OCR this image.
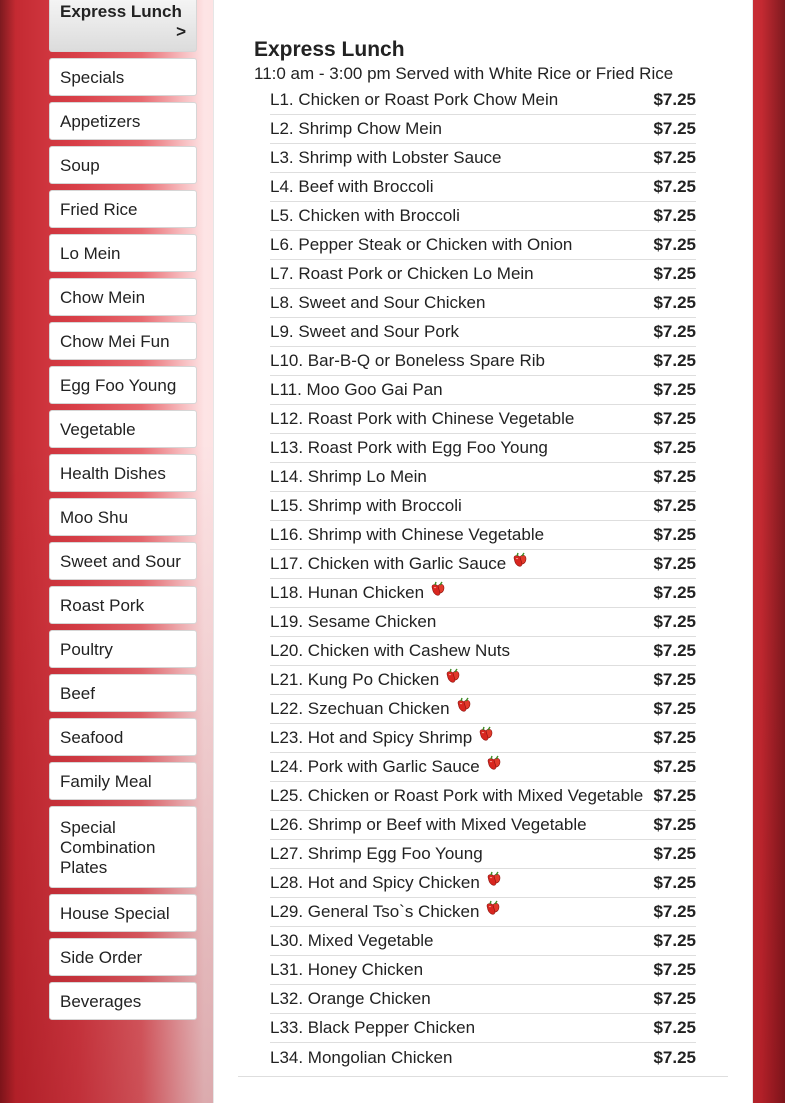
Express Lunch
>
Specials
Appetizers
Soup
Fried Rice
Lo Mein
Chow Mein
Chow Mei Fun
Egg Foo Young
Vegetable
Health Dishes
Moo Shu
Sweet and Sour
Roast Pork
Poultry
Beef
Seafood
Family Meal
Special Combination Plates
House Special
Side Order
Beverages
Express Lunch
11:0 am - 3:00 pm Served with White Rice or Fried Rice
L1. Chicken or Roast Pork Chow Mein	$7.25
L2. Shrimp Chow Mein	$7.25
L3. Shrimp with Lobster Sauce	$7.25
L4. Beef with Broccoli	$7.25
L5. Chicken with Broccoli	$7.25
L6. Pepper Steak or Chicken with Onion	$7.25
L7. Roast Pork or Chicken Lo Mein	$7.25
L8. Sweet and Sour Chicken	$7.25
L9. Sweet and Sour Pork	$7.25
L10. Bar-B-Q or Boneless Spare Rib	$7.25
L11. Moo Goo Gai Pan	$7.25
L12. Roast Pork with Chinese Vegetable	$7.25
L13. Roast Pork with Egg Foo Young	$7.25
L14. Shrimp Lo Mein	$7.25
L15. Shrimp with Broccoli	$7.25
L16. Shrimp with Chinese Vegetable	$7.25
L17. Chicken with Garlic Sauce	$7.25
L18. Hunan Chicken	$7.25
L19. Sesame Chicken	$7.25
L20. Chicken with Cashew Nuts	$7.25
L21. Kung Po Chicken	$7.25
L22. Szechuan Chicken	$7.25
L23. Hot and Spicy Shrimp	$7.25
L24. Pork with Garlic Sauce	$7.25
L25. Chicken or Roast Pork with Mixed Vegetable $7.25
L26. Shrimp or Beef with Mixed Vegetable	$7.25
L27. Shrimp Egg Foo Young	$7.25
L28. Hot and Spicy Chicken	$7.25
L29. General Tso`s Chicken	$7.25
L30. Mixed Vegetable	$7.25
L31. Honey Chicken	$7.25
L32. Orange Chicken	$7.25
L33. Black Pepper Chicken	$7.25
L34. Mongolian Chicken	$7.25
